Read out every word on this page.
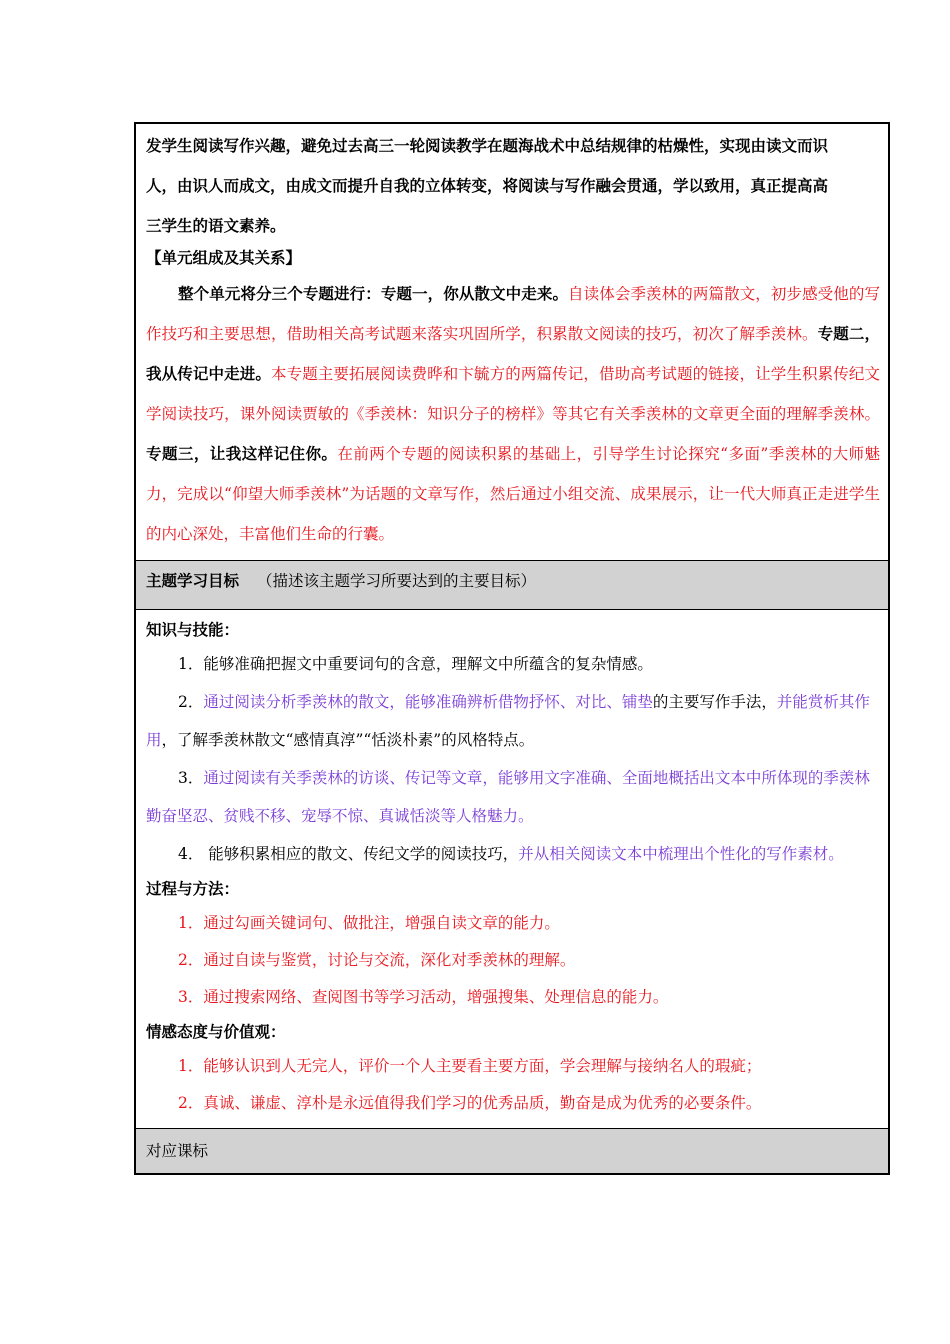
发学生阅读写作兴趣，避免过去高三一轮阅读教学在题海战术中总结规律的枯燥性，实现由读文而识

人，由识人而成文，由成文而提升自我的立体转变，将阅读与写作融会贯通，学以致用，真正提高高

三学生的语文素养。

【单元组成及其关系】

整个单元将分三个专题进行：专题一，你从散文中走来。自读体会季羡林的两篇散文，初步感受他的写作技巧和主要思想，借助相关高考试题来落实巩固所学，积累散文阅读的技巧，初次了解季羡林。专题二，我从传记中走进。本专题主要拓展阅读费晔和卞毓方的两篇传记，借助高考试题的链接，让学生积累传纪文学阅读技巧，课外阅读贾敏的《季羡林：知识分子的榜样》等其它有关季羡林的文章更全面的理解季羡林。专题三，让我这样记住你。在前两个专题的阅读积累的基础上，引导学生讨论探究“多面”季羡林的大师魅力，完成以“仰望大师季羡林”为话题的文章写作，然后通过小组交流、成果展示，让一代大师真正走进学生的内心深处，丰富他们生命的行囊。

主题学习目标 （描述该主题学习所要达到的主要目标）

知识与技能：

1．能够准确把握文中重要词句的含意，理解文中所蕴含的复杂情感。

2．通过阅读分析季羡林的散文，能够准确辨析借物抒怀、对比、铺垫的主要写作手法，并能赏析其作用，了解季羡林散文“感情真淳”“恬淡朴素”的风格特点。

3．通过阅读有关季羡林的访谈、传记等文章，能够用文字准确、全面地概括出文本中所体现的季羡林勤奋坚忍、贫贱不移、宠辱不惊、真诚恬淡等人格魅力。

4． 能够积累相应的散文、传纪文学的阅读技巧，并从相关阅读文本中梳理出个性化的写作素材。

过程与方法：

1．通过勾画关键词句、做批注，增强自读文章的能力。

2．通过自读与鉴赏，讨论与交流，深化对季羡林的理解。

3．通过搜索网络、查阅图书等学习活动，增强搜集、处理信息的能力。

情感态度与价值观：

1．能够认识到人无完人，评价一个人主要看主要方面，学会理解与接纳名人的瑕疵；

2．真诚、谦虚、淳朴是永远值得我们学习的优秀品质，勤奋是成为优秀的必要条件。

对应课标
